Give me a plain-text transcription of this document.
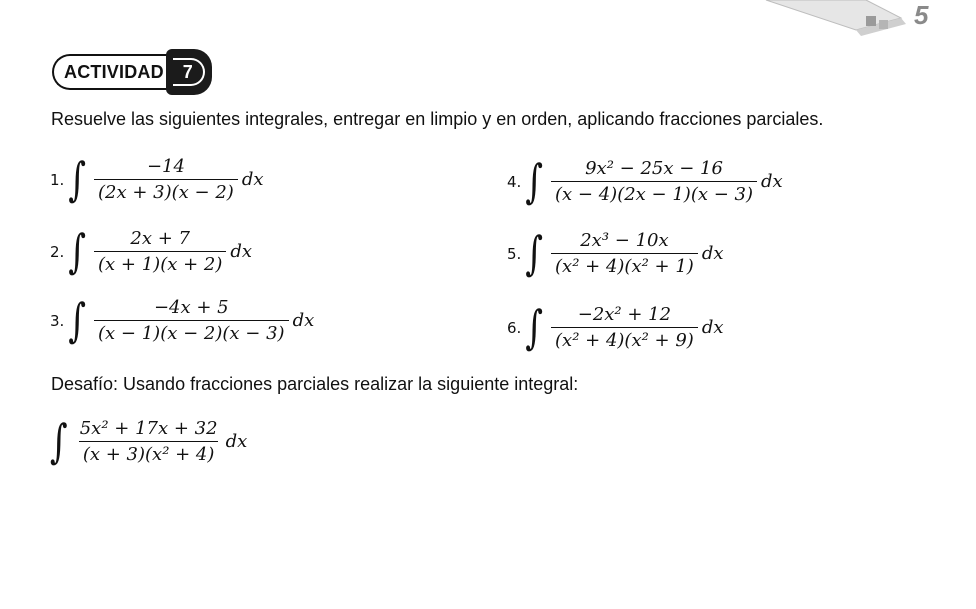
5
ACTIVIDAD	7
Resuelve las siguientes integrales, entregar en limpio y en orden, aplicando fracciones parciales.
1. ∫ $\frac{-14}{(2x + 3)(x - 2)}$ dx
2. ∫ $\frac{2x + 7}{(x + 1)(x + 2)}$ dx
3. ∫ $\frac{-4x + 5}{(x - 1)(x - 2)(x - 3)}$ dx
4. ∫ $\frac{\text{9x² − 25x − 16}}{(x - 4)(2x - 1)(x - 3)}$ dx
5. ∫ $\frac{\text{2x³ − 10x}}{\text{(x² + 4)(x² + 1)}}$ dx
6. ∫ $\frac{\text{−2x² + 12}}{\text{(x² + 4)(x² + 9)}}$ dx
Desafío: Usando fracciones parciales realizar la siguiente integral:
∫ $\frac{\text{5x² + 17x + 32}}{\text{(x + 3)(x² + 4)}}$ dx
